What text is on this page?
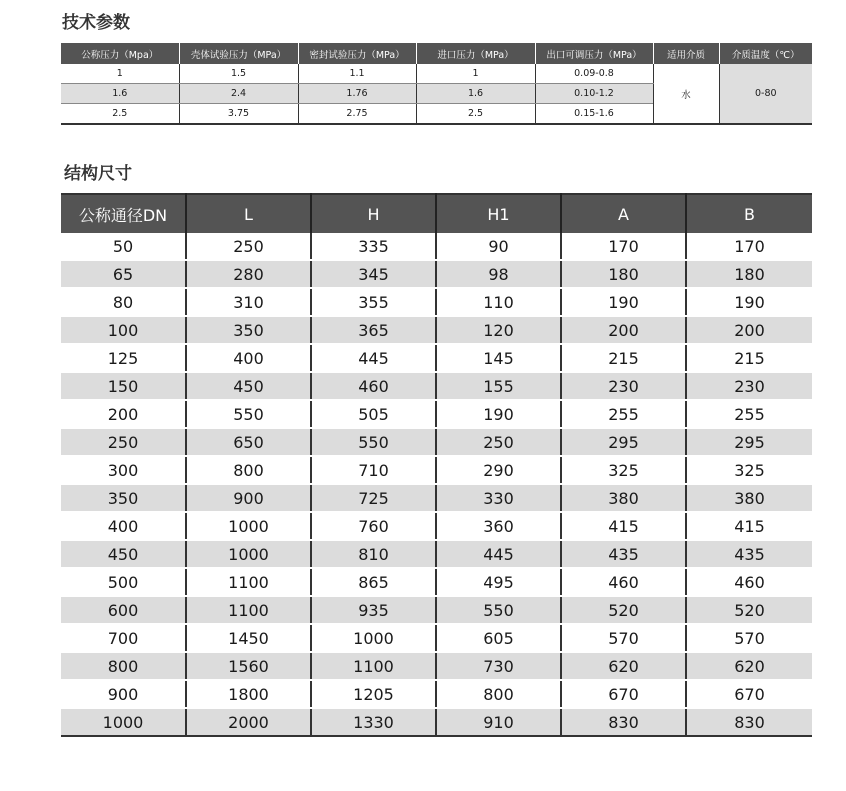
技术参数
公称压力（Mpa）	壳体试验压力（MPa）	密封试验压力（MPa）	进口压力（MPa）	出口可调压力（MPa）	适用介质	介质温度（℃）
1	1.5	1.1	1	0.09-0.8	水	0-80
1.6	2.4	1.76	1.6	0.10-1.2		
2.5	3.75	2.75	2.5	0.15-1.6		
结构尺寸
公称通径DN	L	H	H1	A	B
50	250	335	90	170	170
65	280	345	98	180	180
80	310	355	110	190	190
100	350	365	120	200	200
125	400	445	145	215	215
150	450	460	155	230	230
200	550	505	190	255	255
250	650	550	250	295	295
300	800	710	290	325	325
350	900	725	330	380	380
400	1000	760	360	415	415
450	1000	810	445	435	435
500	1100	865	495	460	460
600	1100	935	550	520	520
700	1450	1000	605	570	570
800	1560	1100	730	620	620
900	1800	1205	800	670	670
1000	2000	1330	910	830	830
